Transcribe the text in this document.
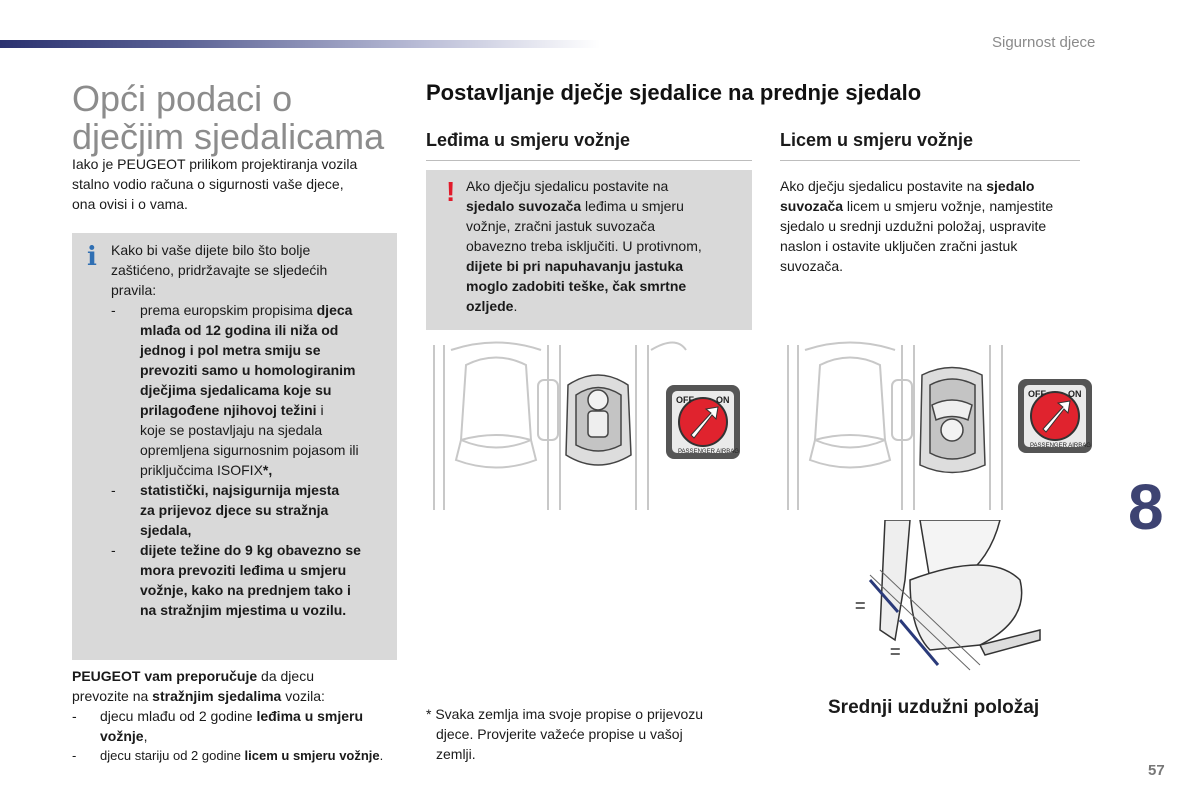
Sigurnost djece
Opći podaci o
dječjim sjedalicama
Iako je PEUGEOT prilikom projektiranja vozila
stalno vodio računa o sigurnosti vaše djece,
ona ovisi i o vama.
i Kako bi vaše dijete bilo što bolje
zaštićeno, pridržavajte se sljedećih
pravila:
- prema europskim propisima djeca
mlađa od 12 godina ili niža od
jednog i pol metra smiju se
prevoziti samo u homologiranim
dječjima sjedalicama koje su
prilagođene njihovoj težini i
koje se postavljaju na sjedala
opremljena sigurnosnim pojasom ili
priključcima ISOFIX*,
- statistički, najsigurnija mjesta
za prijevoz djece su stražnja
sjedala,
- dijete težine do 9 kg obavezno se
mora prevoziti leđima u smjeru
vožnje, kako na prednjem tako i
na stražnjim mjestima u vozilu.
PEUGEOT vam preporučuje da djecu
prevozite na stražnjim sjedalima vozila:
- djecu mlađu od 2 godine leđima u smjeru
vožnje,
- djecu stariju od 2 godine licem u smjeru vožnje.
Postavljanje dječje sjedalice na prednje sjedalo
Leđima u smjeru vožnje	Licem u smjeru vožnje
! Ako dječju sjedalicu postavite na
sjedalo suvozača leđima u smjeru
vožnje, zračni jastuk suvozača
obavezno treba isključiti. U protivnom,
dijete bi pri napuhavanju jastuka
moglo zadobiti teške, čak smrtne
ozljede.
Ako dječju sjedalicu postavite na sjedalo
suvozača licem u smjeru vožnje, namjestite
sjedalo u srednji uzdužni položaj, uspravite
naslon i ostavite uključen zračni jastuk
suvozača.
OFF ON
PASSENGER AIRBAG
OFF ON
PASSENGER AIRBAG
=
=
Srednji uzdužni položaj
* Svaka zemlja ima svoje propise o prijevozu
djece. Provjerite važeće propise u vašoj
zemlji.
8
57
